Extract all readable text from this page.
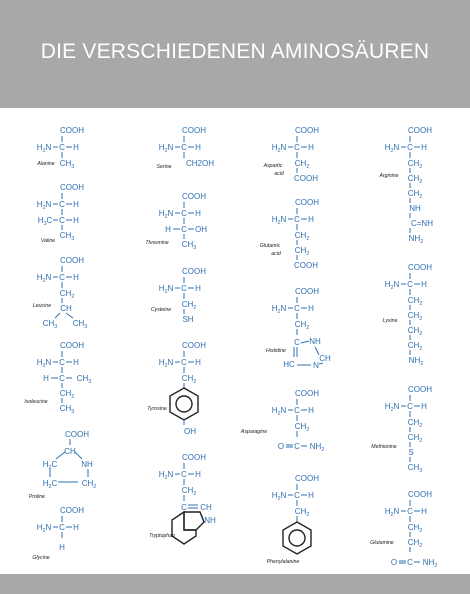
DIE VERSCHIEDENEN AMINOSÄUREN
COOH
$H_2N$ C H
$CH_3$
Alanine
COOH
$H_2N$ C H
$H_3C$ C H
$CH_3$
Valine
COOH
$H_2N$ C H
$CH_2$
CH
$CH_3$ $CH_3$
Leucine
COOH
$H_2N$ C H
H C $CH_3$
$CH_2$
$CH_3$
Isoleucine
COOH
CH
$H_2C$	NH
$H_2C$	$CH_2$
Proline
COOH
$H_2N$ C H
H
Glycine
COOH
$H_2N$ C H
CH2OH
Serine
COOH
$H_2N$ C H
H C OH
$CH_3$
Threonine
COOH
$H_2N$ C H
$CH_2$
SH
Cysteine
COOH
$H_2N$ C H
$CH_2$
OH
Tyrosine
COOH
$H_2N$ C H
$CH_2$
C CH
NH
Tryptophan
COOH
$H_2N$ C H
$CH_2$
COOH
Aspartic
acid
COOH
$H_2N$ C H
$CH_2$
$CH_2$
COOH
Glutamic
acid
COOH
$H_2N$ C H
$CH_2$
C NH
CH
HC N
Histidine
COOH
$H_2N$ C H
$CH_2$
O C $NH_2$
Asparagine
COOH
$H_2N$ C H
$CH_2$
Phenylalanine
COOH
$H_2N$ C H
$CH_2$
$CH_2$
$CH_2$
NH
C=NH
$NH_2$
Arginine
COOH
$H_2N$ C H
$CH_2$
$CH_2$
$CH_2$
$CH_2$
$NH_2$
Lysine
COOH
$H_2N$ C H
$CH_2$
$CH_2$
S
$CH_3$
Methionine
COOH
$H_2N$ C H
$CH_2$
$CH_2$
O C $NH_2$
Glutamine
